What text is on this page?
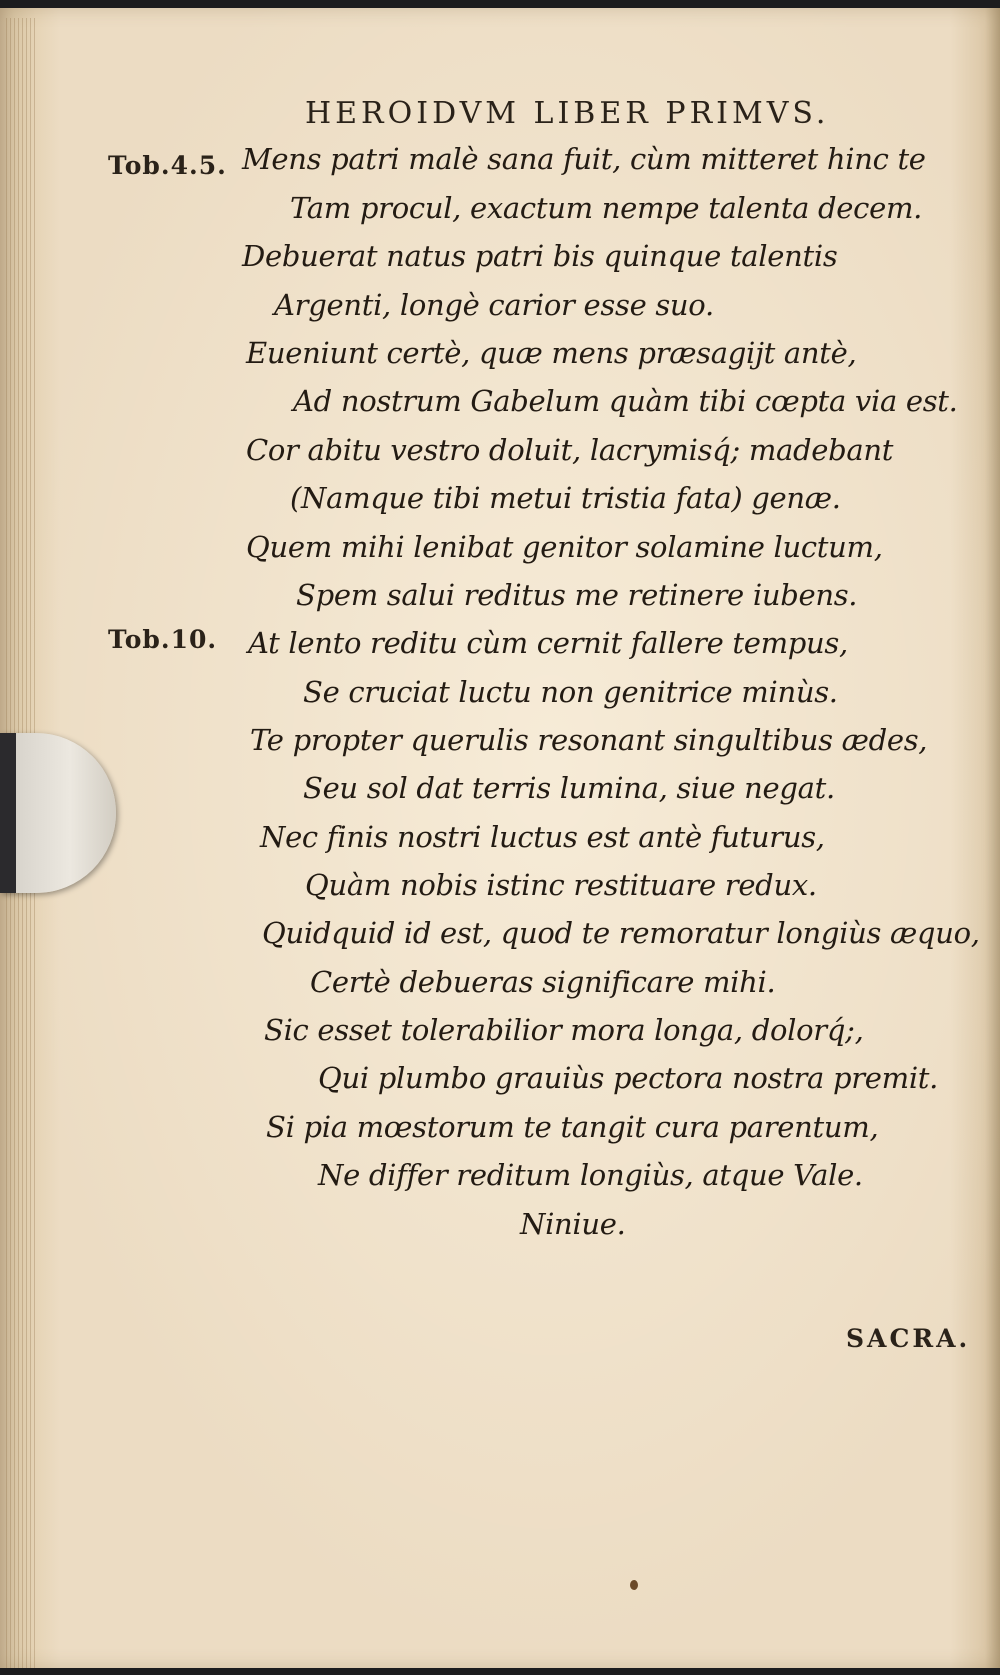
HEROIDVM LIBER PRIMVS.
Tob.4.5.
Tob.10.
Mens patri malè sana fuit, cùm mitteret hinc te
Tam procul, exactum nempe talenta decem.
Debuerat natus patri bis quinque talentis
Argenti, longè carior esse suo.
Eueniunt certè, quæ mens præsagijt antè,
Ad nostrum Gabelum quàm tibi cœpta via est.
Cor abitu vestro doluit, lacrymisq́; madebant
(Namque tibi metui tristia fata) genæ.
Quem mihi lenibat genitor solamine luctum,
Spem salui reditus me retinere iubens.
At lento reditu cùm cernit fallere tempus,
Se cruciat luctu non genitrice minùs.
Te propter querulis resonant singultibus ædes,
Seu sol dat terris lumina, siue negat.
Nec finis nostri luctus est antè futurus,
Quàm nobis istinc restituare redux.
Quidquid id est, quod te remoratur longiùs æquo,
Certè debueras significare mihi.
Sic esset tolerabilior mora longa, dolorq́;,
Qui plumbo grauiùs pectora nostra premit.
Si pia mœstorum te tangit cura parentum,
Ne differ reditum longiùs, atque Vale.
Niniue.
SACRA.
